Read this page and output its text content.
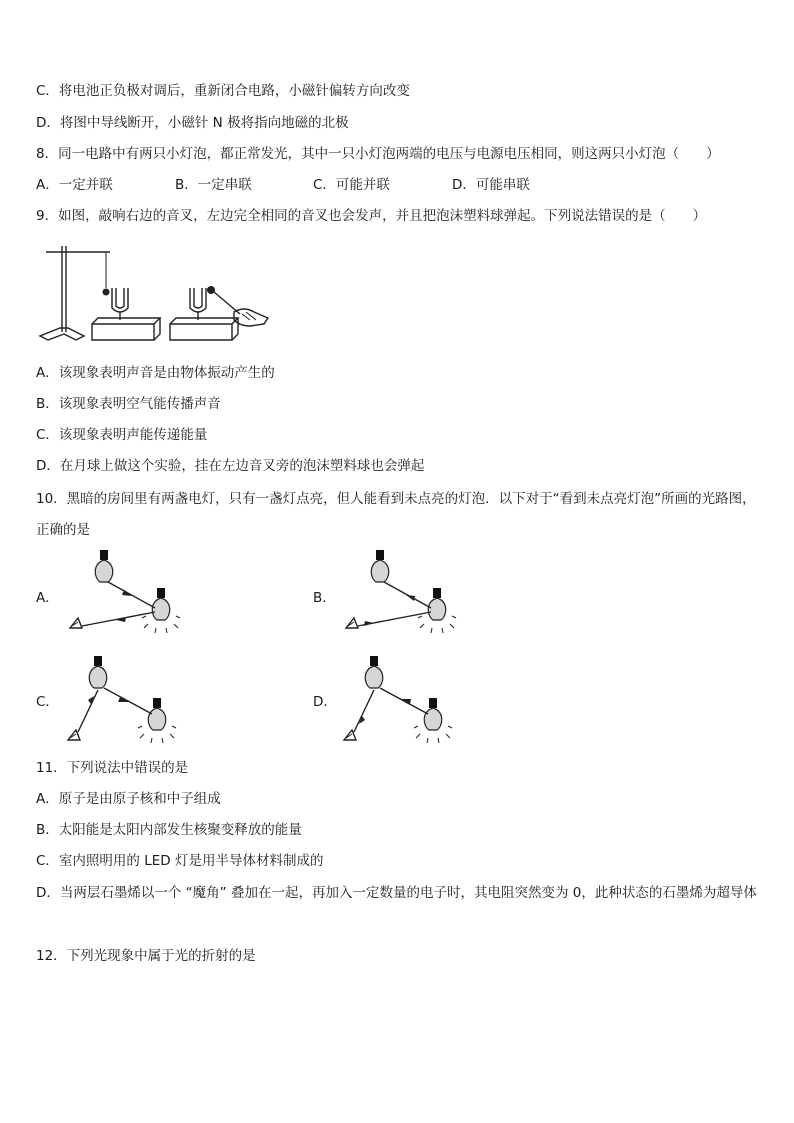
C．将电池正负极对调后，重新闭合电路，小磁针偏转方向改变
D．将图中导线断开，小磁针 N 极将指向地磁的北极
8．同一电路中有两只小灯泡，都正常发光，其中一只小灯泡两端的电压与电源电压相同，则这两只小灯泡（　　）
A．一定并联	B．一定串联	C．可能并联	D．可能串联
9．如图，敲响右边的音叉，左边完全相同的音叉也会发声，并且把泡沫塑料球弹起。下列说法错误的是（　　）
A．该现象表明声音是由物体振动产生的
B．该现象表明空气能传播声音
C．该现象表明声能传递能量
D．在月球上做这个实验，挂在左边音叉旁的泡沫塑料球也会弹起
10．黑暗的房间里有两盏电灯，只有一盏灯点亮，但人能看到未点亮的灯泡．以下对于“看到未点亮灯泡”所画的光路图，正确的是
A．	B．
C．	D．
11．下列说法中错误的是
A．原子是由原子核和中子组成
B．太阳能是太阳内部发生核聚变释放的能量
C．室内照明用的 LED 灯是用半导体材料制成的
D．当两层石墨烯以一个 “魔角” 叠加在一起，再加入一定数量的电子时，其电阻突然变为 0，此种状态的石墨烯为超导体
12．下列光现象中属于光的折射的是
